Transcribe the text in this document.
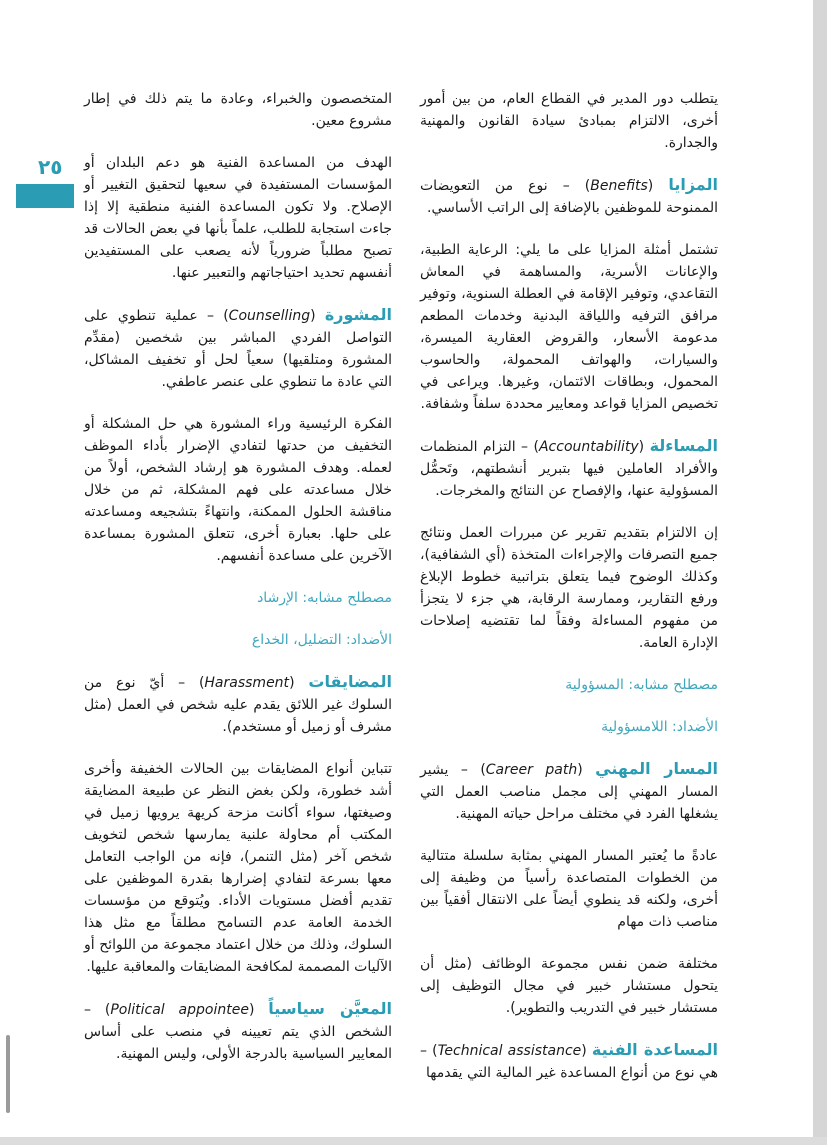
٢٥

يتطلب دور المدير في القطاع العام، من بين أمور أخرى، الالتزام بمبادئ سيادة القانون والمهنية والجدارة.

المزايا (Benefits) – نوع من التعويضات الممنوحة للموظفين بالإضافة إلى الراتب الأساسي.

تشتمل أمثلة المزايا على ما يلي: الرعاية الطبية، والإعانات الأسرية، والمساهمة في المعاش التقاعدي، وتوفير الإقامة في العطلة السنوية، وتوفير مرافق الترفيه واللياقة البدنية وخدمات المطعم مدعومة الأسعار، والقروض العقارية الميسرة، والسيارات، والهواتف المحمولة، والحاسوب المحمول، وبطاقات الائتمان، وغيرها. ويراعى في تخصيص المزايا قواعد ومعايير محددة سلفاً وشفافة.

المساءلة (Accountability) – التزام المنظمات والأفراد العاملين فيها بتبرير أنشطتهم، وتَحمُّل المسؤولية عنها، والإفصاح عن النتائج والمخرجات.

إن الالتزام بتقديم تقرير عن مبررات العمل ونتائج جميع التصرفات والإجراءات المتخذة (أي الشفافية)، وكذلك الوضوح فيما يتعلق بتراتبية خطوط الإبلاغ ورفع التقارير، وممارسة الرقابة، هي جزء لا يتجزأ من مفهوم المساءلة وفقاً لما تقتضيه إصلاحات الإدارة العامة.

مصطلح مشابه: المسؤولية

الأضداد: اللامسؤولية

المسار المهني (Career path) – يشير المسار المهني إلى مجمل مناصب العمل التي يشغلها الفرد في مختلف مراحل حياته المهنية.

عادةً ما يُعتبر المسار المهني بمثابة سلسلة متتالية من الخطوات المتصاعدة رأسياً من وظيفة إلى أخرى، ولكنه قد ينطوي أيضاً على الانتقال أفقياً بين مناصب ذات مهام

مختلفة ضمن نفس مجموعة الوظائف (مثل أن يتحول مستشار خبير في مجال التوظيف إلى مستشار خبير في التدريب والتطوير).

المساعدة الفنية (Technical assistance) – هي نوع من أنواع المساعدة غير المالية التي يقدمها

المتخصصون والخبراء، وعادة ما يتم ذلك في إطار مشروع معين.

الهدف من المساعدة الفنية هو دعم البلدان أو المؤسسات المستفيدة في سعيها لتحقيق التغيير أو الإصلاح. ولا تكون المساعدة الفنية منطقية إلا إذا جاءت استجابة للطلب، علماً بأنها في بعض الحالات قد تصبح مطلباً ضرورياً لأنه يصعب على المستفيدين أنفسهم تحديد احتياجاتهم والتعبير عنها.

المشورة (Counselling) – عملية تنطوي على التواصل الفردي المباشر بين شخصين (مقدِّم المشورة ومتلقيها) سعياً لحل أو تخفيف المشاكل، التي عادة ما تنطوي على عنصر عاطفي.

الفكرة الرئيسية وراء المشورة هي حل المشكلة أو التخفيف من حدتها لتفادي الإضرار بأداء الموظف لعمله. وهدف المشورة هو إرشاد الشخص، أولاً من خلال مساعدته على فهم المشكلة، ثم من خلال مناقشة الحلول الممكنة، وانتهاءً بتشجيعه ومساعدته على حلها. بعبارة أخرى، تتعلق المشورة بمساعدة الآخرين على مساعدة أنفسهم.

مصطلح مشابه: الإرشاد

الأضداد: التضليل، الخداع

المضايقات (Harassment) – أيّ نوع من السلوك غير اللائق يقدم عليه شخص في العمل (مثل مشرف أو زميل أو مستخدم).

تتباين أنواع المضايقات بين الحالات الخفيفة وأخرى أشد خطورة، ولكن بغض النظر عن طبيعة المضايقة وصيغتها، سواء أكانت مزحة كريهة يرويها زميل في المكتب أم محاولة علنية يمارسها شخص لتخويف شخص آخر (مثل التنمر)، فإنه من الواجب التعامل معها بسرعة لتفادي إضرارها بقدرة الموظفين على تقديم أفضل مستويات الأداء. ويُتوقع من مؤسسات الخدمة العامة عدم التسامح مطلقاً مع مثل هذا السلوك، وذلك من خلال اعتماد مجموعة من اللوائح أو الآليات المصممة لمكافحة المضايقات والمعاقبة عليها.

المعيَّن سياسياً (Political appointee) – الشخص الذي يتم تعيينه في منصب على أساس المعايير السياسية بالدرجة الأولى، وليس المهنية.
